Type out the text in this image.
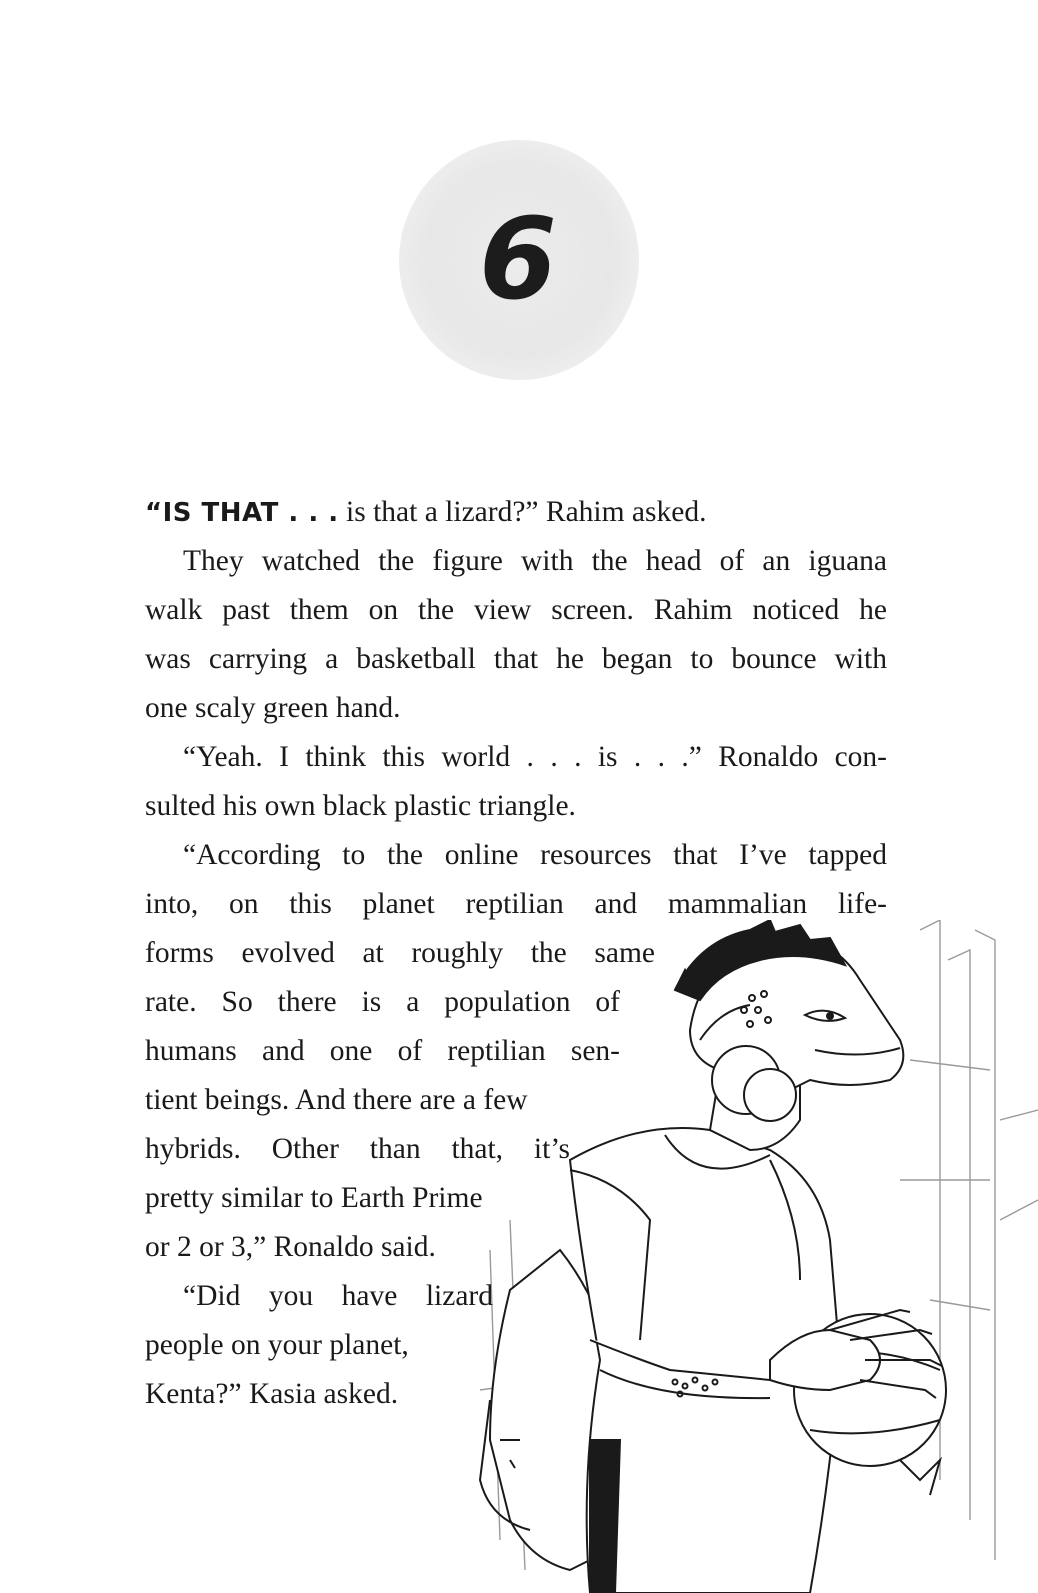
6
“IS THAT . . . is that a lizard?” Rahim asked.
They watched the figure with the head of an iguana
walk past them on the view screen. Rahim noticed he
was carrying a basketball that he began to bounce with
one scaly green hand.
“Yeah. I think this world . . . is . . .” Ronaldo con-
sulted his own black plastic triangle.
“According to the online resources that I’ve tapped
into, on this planet reptilian and mammalian life-
forms evolved at roughly the same
rate. So there is a population of
humans and one of reptilian sen-
tient beings. And there are a few
hybrids. Other than that, it’s
pretty similar to Earth Prime
or 2 or 3,” Ronaldo said.
“Did you have lizard
people on your planet,
Kenta?” Kasia asked.
